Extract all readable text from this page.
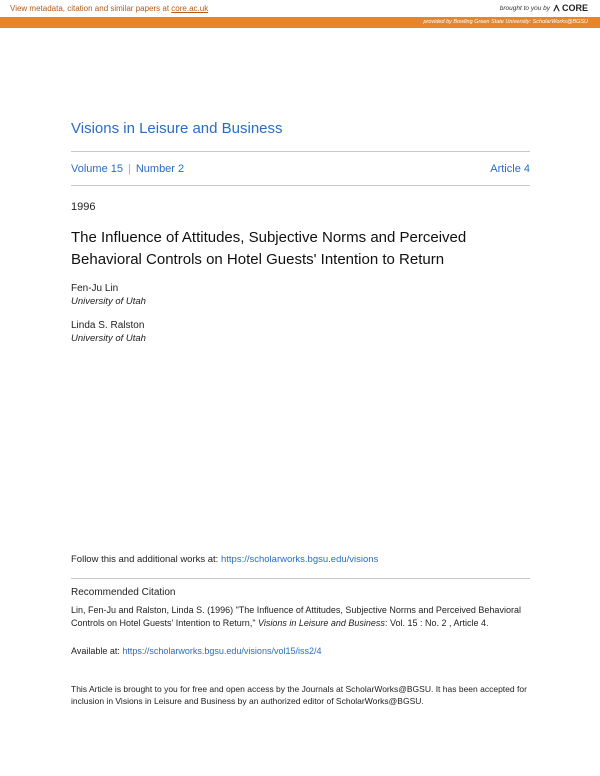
View metadata, citation and similar papers at core.ac.uk	brought to you by CORE
provided by Bowling Green State University: ScholarWorks@BGSU
Visions in Leisure and Business
Volume 15 | Number 2	Article 4
1996
The Influence of Attitudes, Subjective Norms and Perceived Behavioral Controls on Hotel Guests' Intention to Return
Fen-Ju Lin
University of Utah
Linda S. Ralston
University of Utah
Follow this and additional works at: https://scholarworks.bgsu.edu/visions
Recommended Citation
Lin, Fen-Ju and Ralston, Linda S. (1996) "The Influence of Attitudes, Subjective Norms and Perceived Behavioral Controls on Hotel Guests' Intention to Return," Visions in Leisure and Business: Vol. 15 : No. 2 , Article 4.
Available at: https://scholarworks.bgsu.edu/visions/vol15/iss2/4
This Article is brought to you for free and open access by the Journals at ScholarWorks@BGSU. It has been accepted for inclusion in Visions in Leisure and Business by an authorized editor of ScholarWorks@BGSU.
